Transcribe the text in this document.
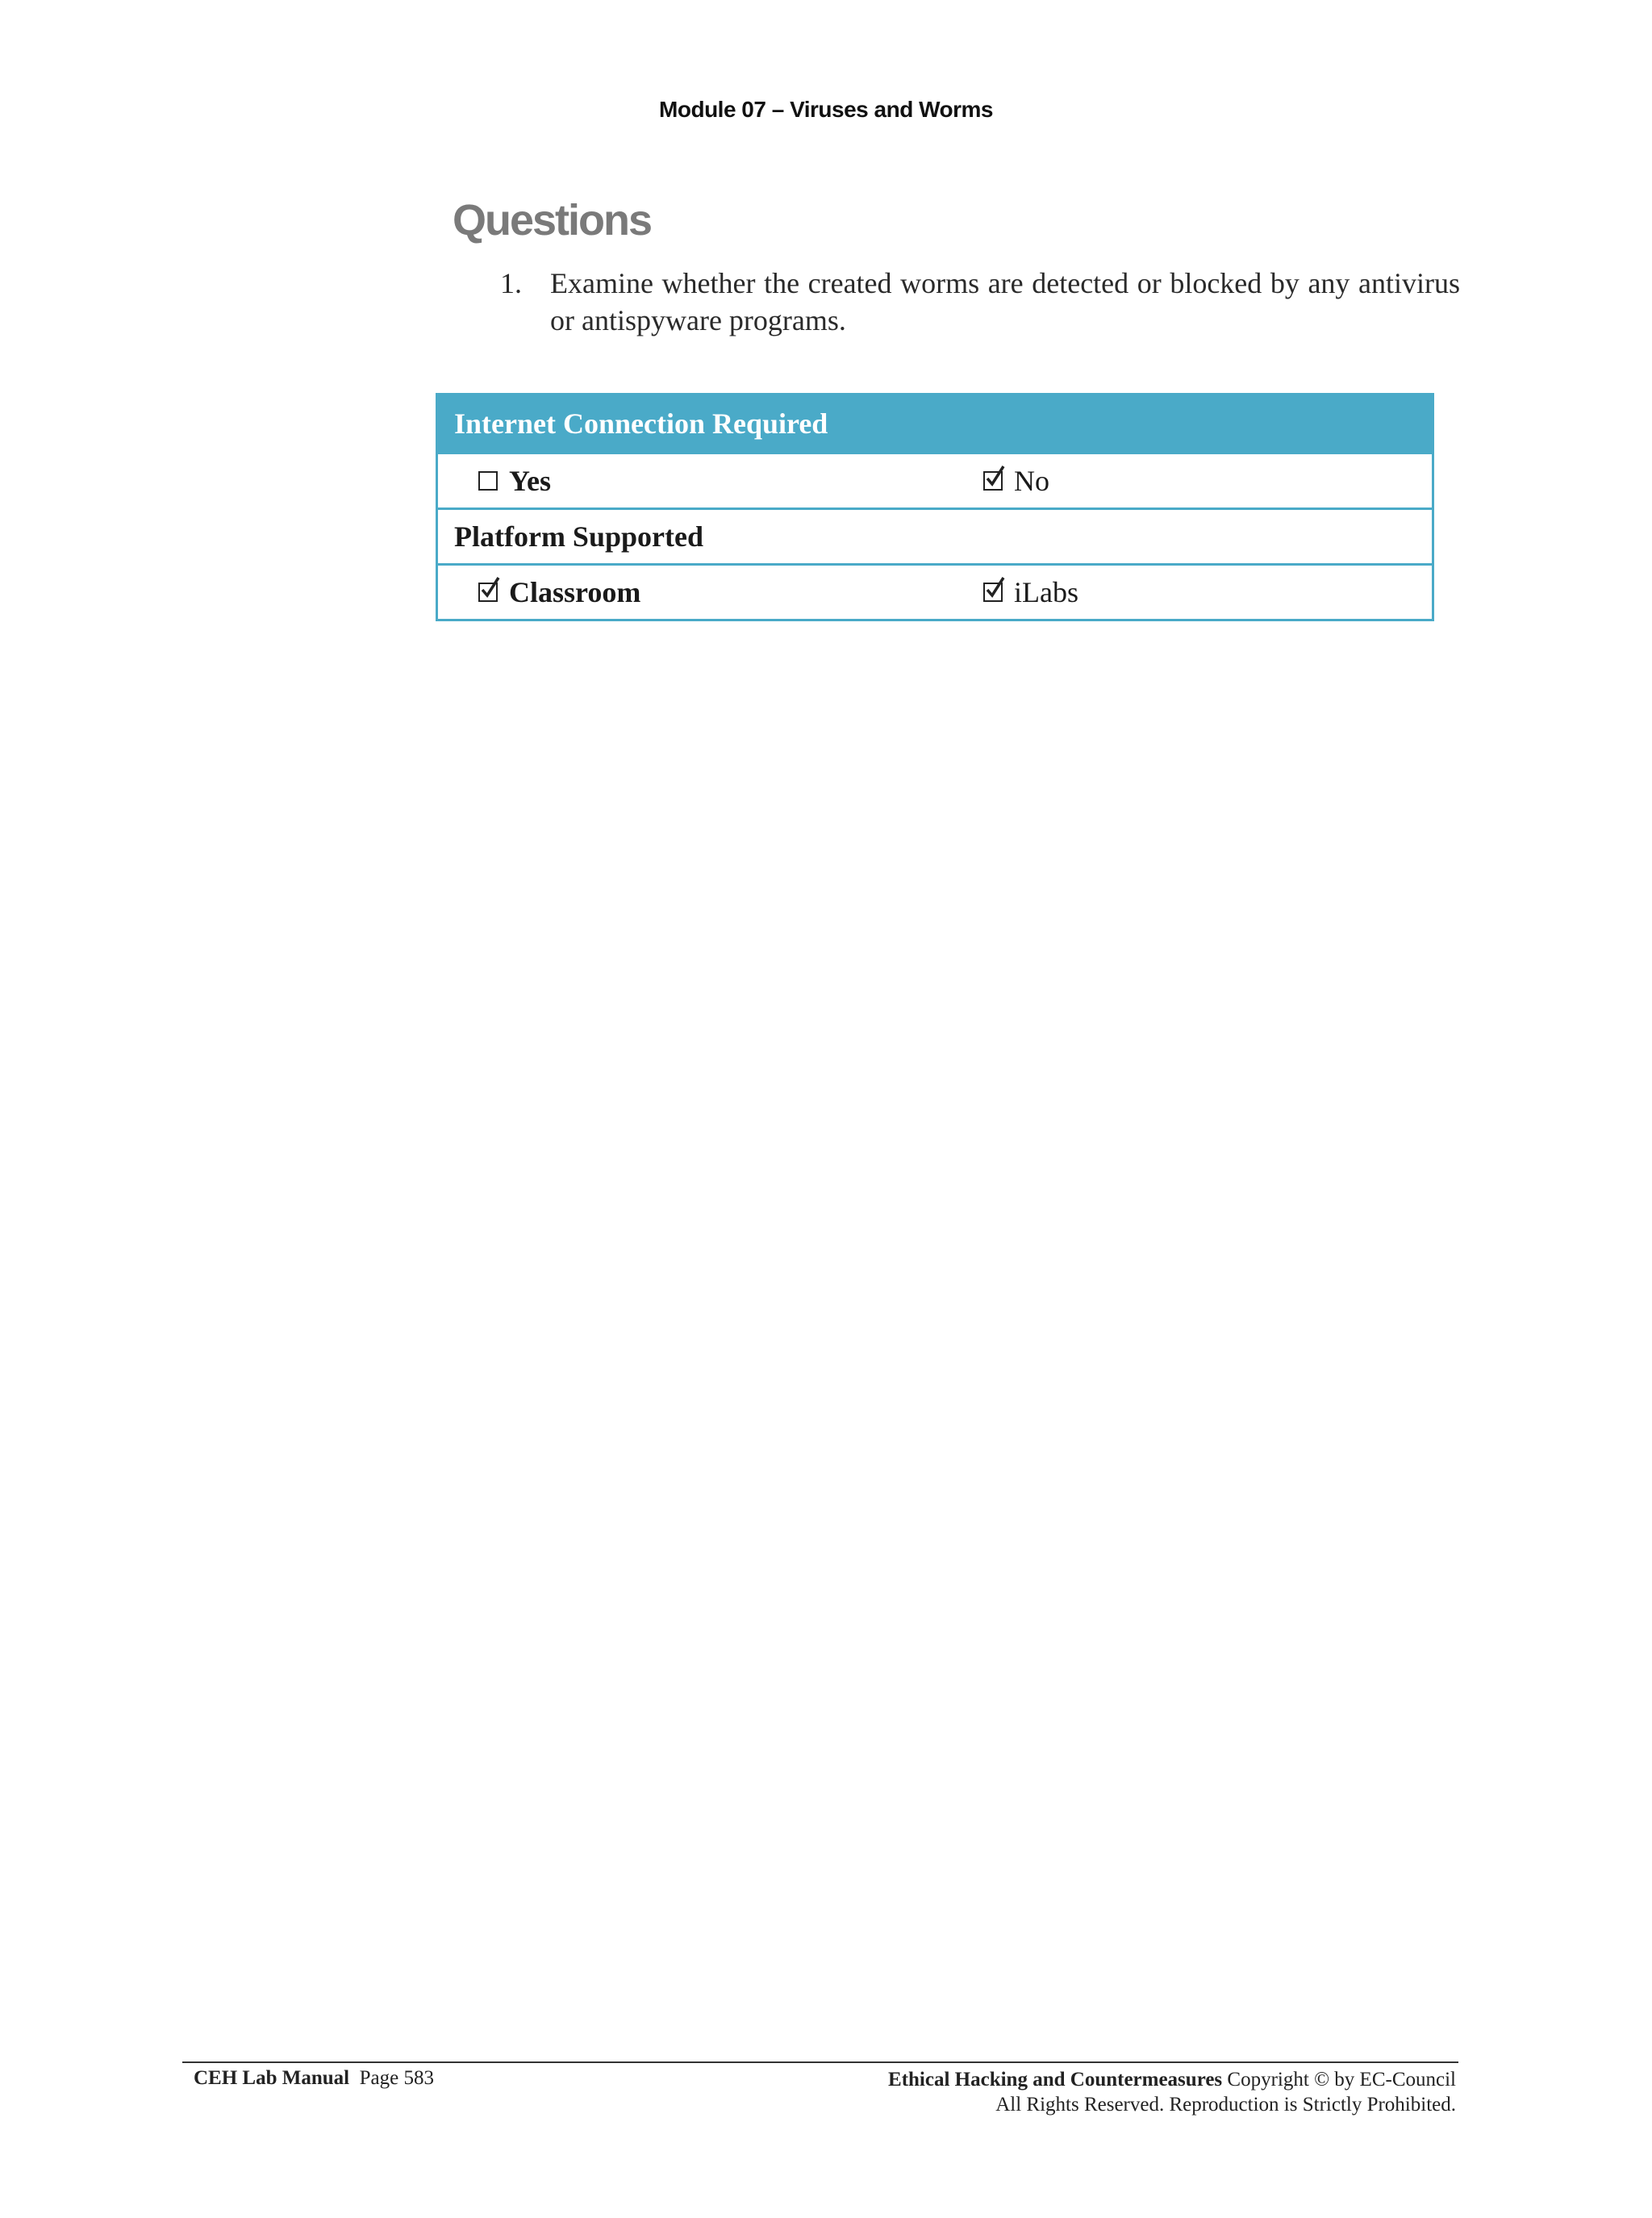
Module 07 – Viruses and Worms
Questions
1. Examine whether the created worms are detected or blocked by any antivirus or antispyware programs.
Internet Connection Required
Yes	No
Platform Supported
Classroom	iLabs
CEH Lab Manual Page 583	Ethical Hacking and Countermeasures Copyright © by EC-Council
All Rights Reserved. Reproduction is Strictly Prohibited.
